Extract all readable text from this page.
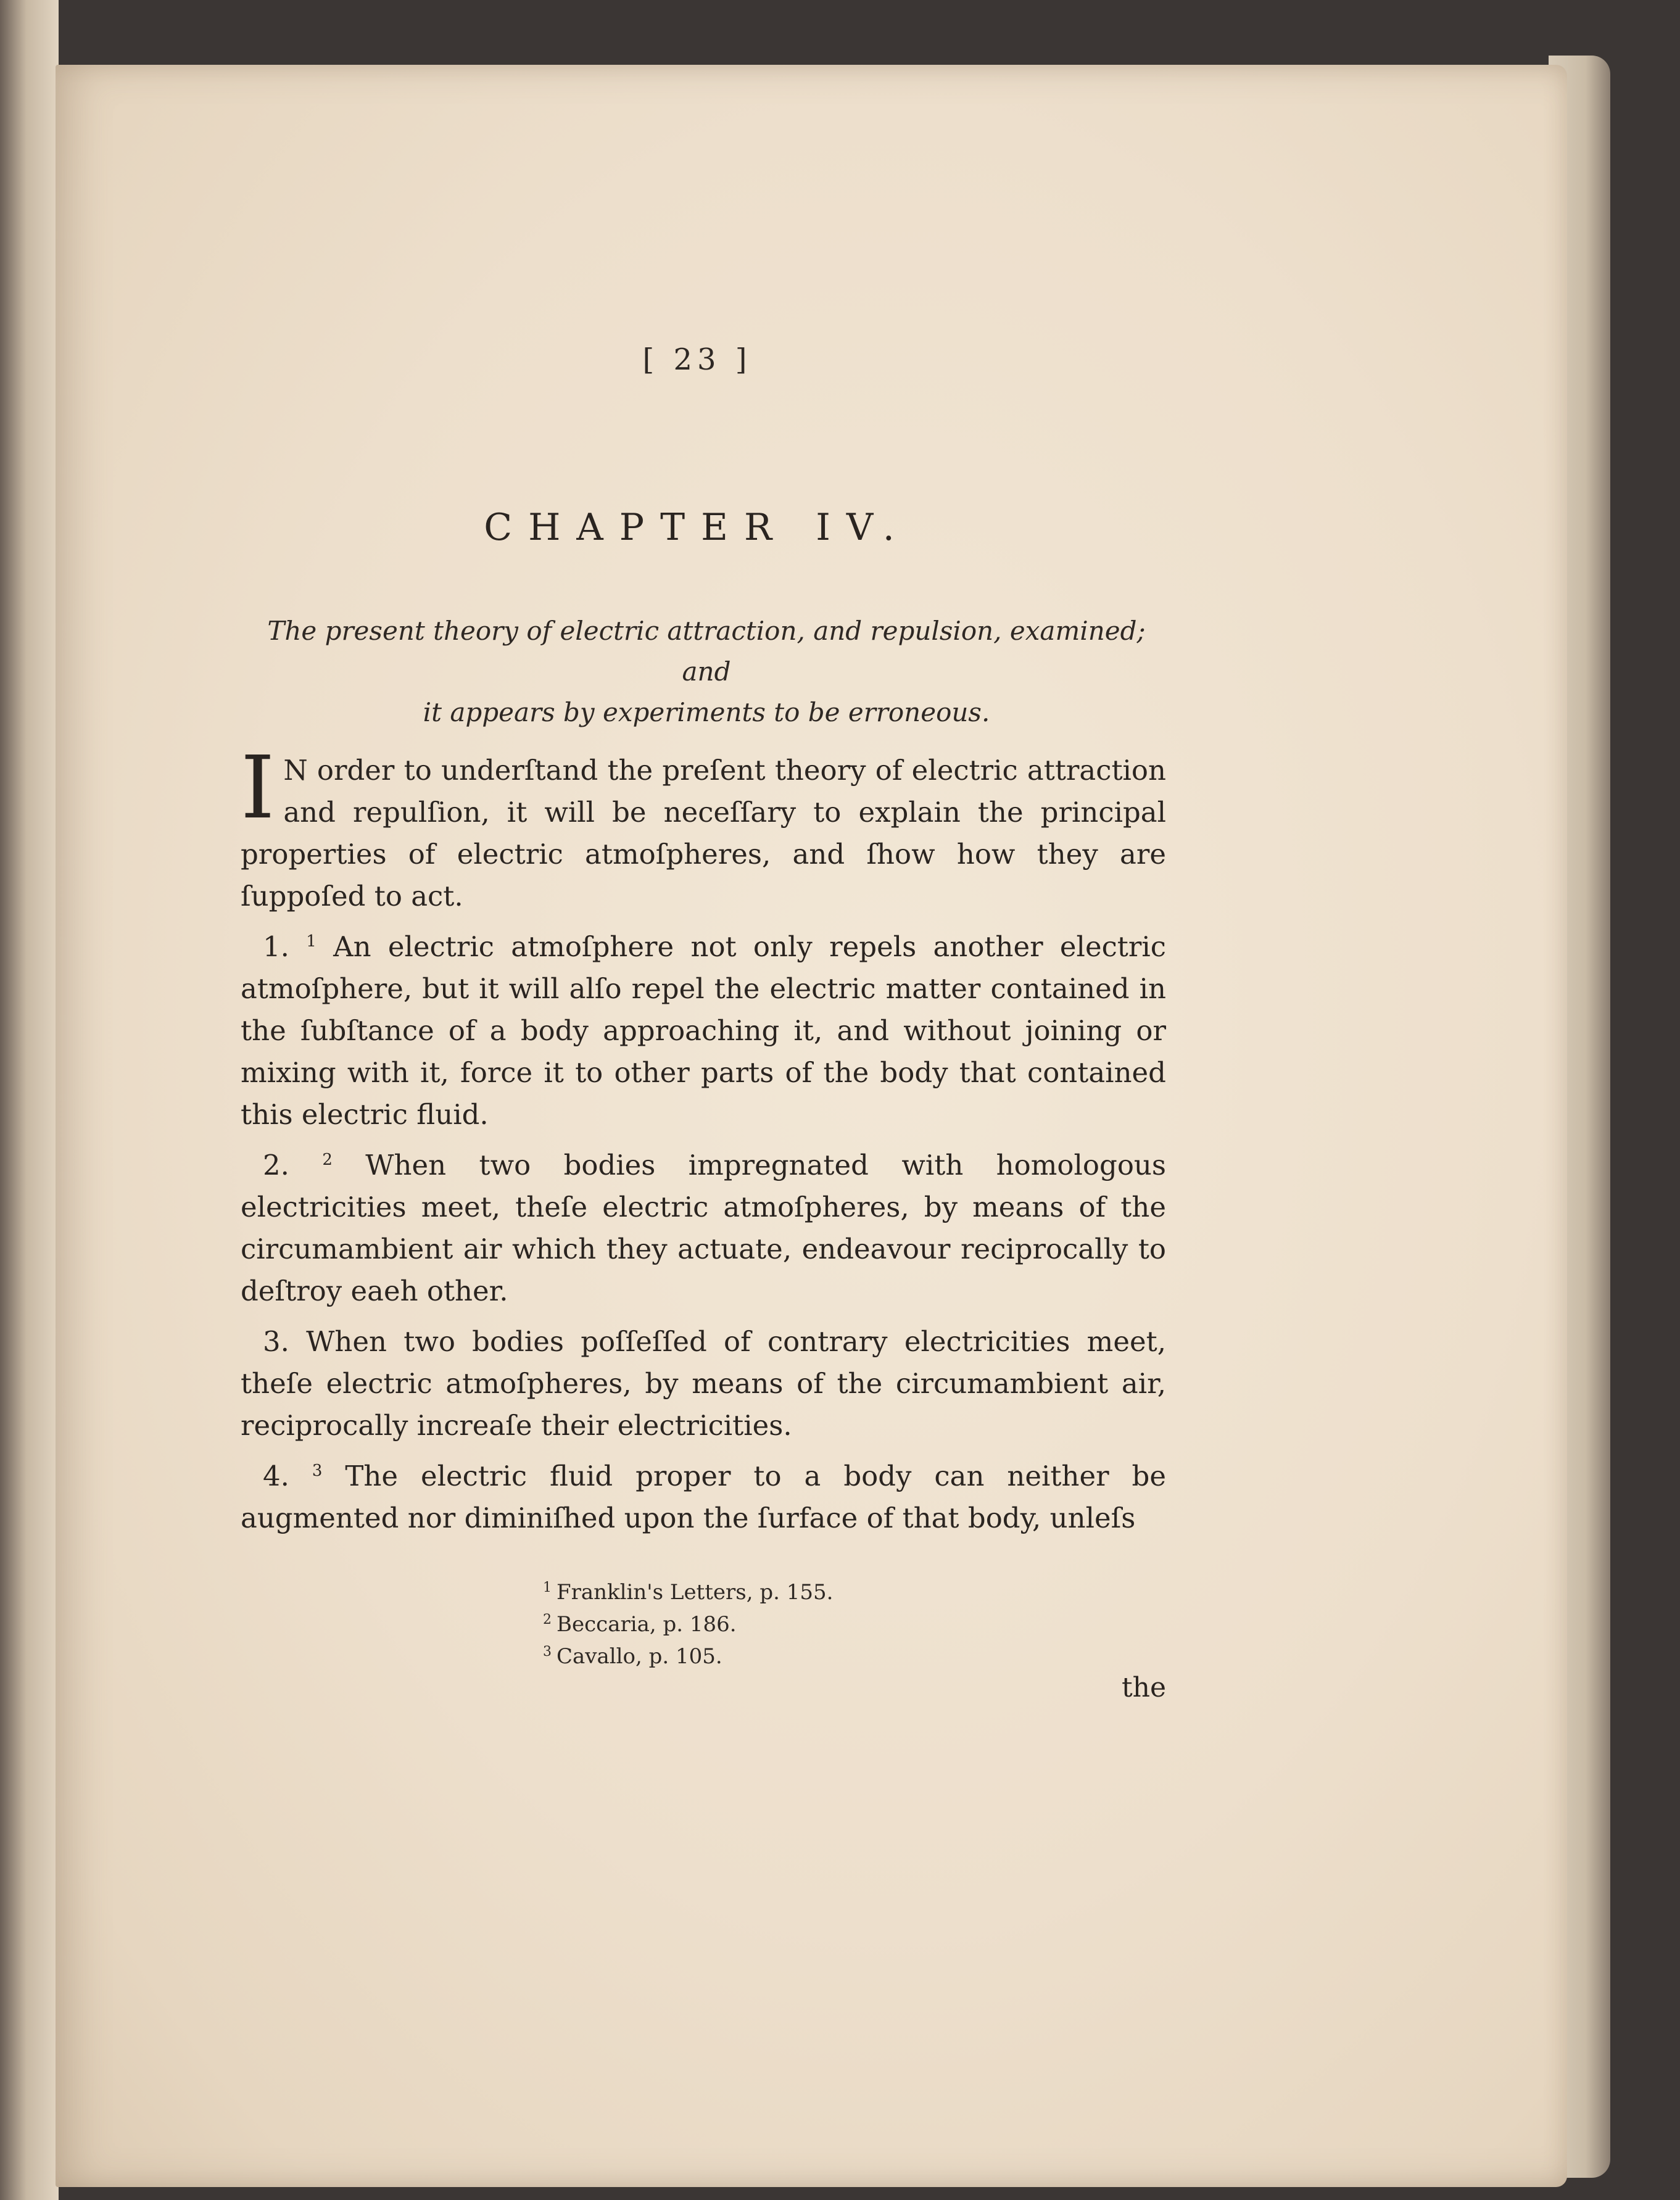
[ 23 ]
CHAPTER IV.
The present theory of electric attraction, and repulsion, examined; and
it appears by experiments to be erroneous.

I N order to underſtand the preſent theory of electric attraction and repulſion, it will be neceſſary to explain the principal properties of electric atmoſpheres, and ſhow how they are ſuppoſed to act.

1. $^1$ An electric atmoſphere not only repels another electric atmoſphere, but it will alſo repel the electric matter contained in the ſubſtance of a body approaching it, and without joining or mixing with it, force it to other parts of the body that contained this electric fluid.

2. $^2$ When two bodies impregnated with homologous electricities meet, theſe electric atmoſpheres, by means of the circumambient air which they actuate, endeavour reciprocally to deſtroy eaeh other.

3. When two bodies poſſeſſed of contrary electricities meet, theſe electric atmoſpheres, by means of the circumambient air, reciprocally increaſe their electricities.

4. $^3$ The electric fluid proper to a body can neither be augmented nor diminiſhed upon the ſurface of that body, unleſs

$^1$ Franklin's Letters, p. 155.
$^2$ Beccaria, p. 186.
$^3$ Cavallo, p. 105.
the
